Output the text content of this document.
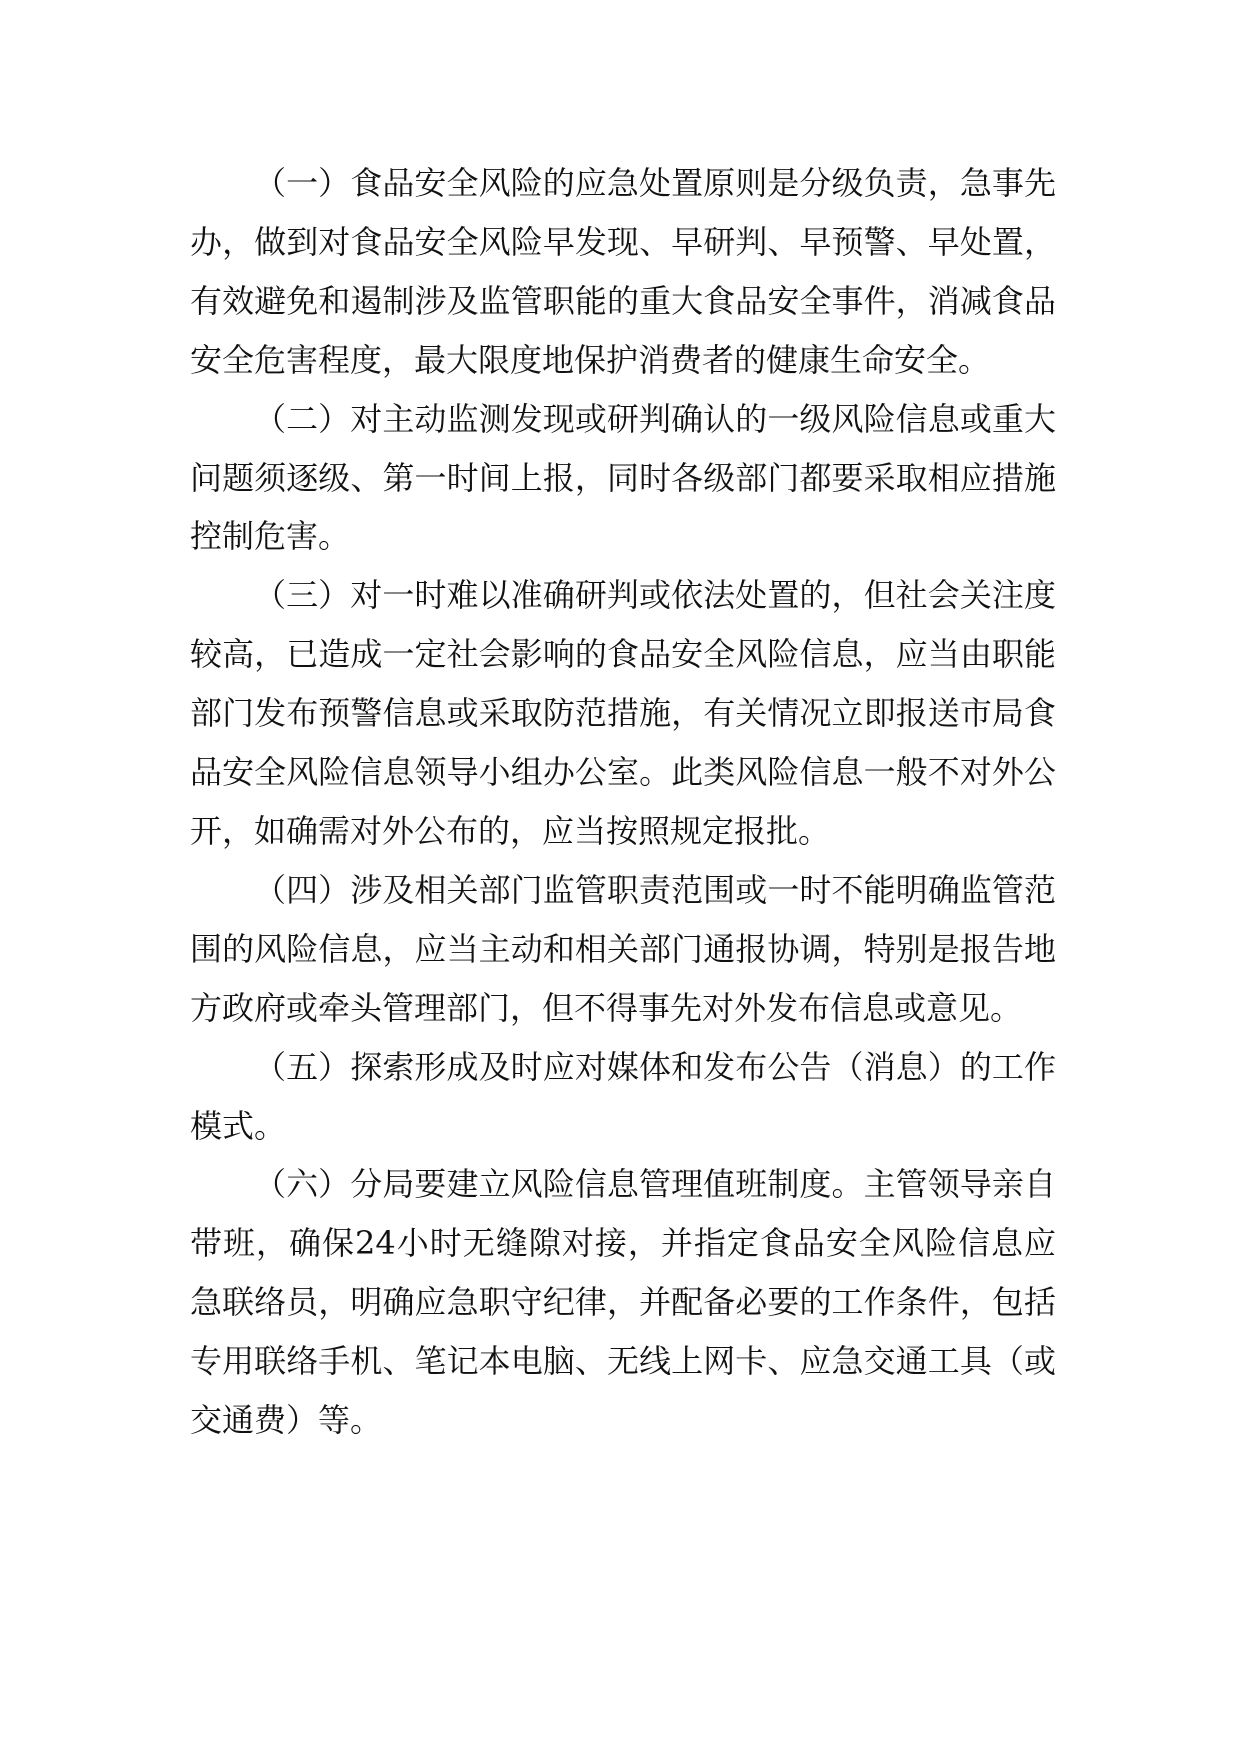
（一）食品安全风险的应急处置原则是分级负责，急事先办，做到对食品安全风险早发现、早研判、早预警、早处置，有效避免和遏制涉及监管职能的重大食品安全事件，消减食品安全危害程度，最大限度地保护消费者的健康生命安全。

（二）对主动监测发现或研判确认的一级风险信息或重大问题须逐级、第一时间上报，同时各级部门都要采取相应措施控制危害。

（三）对一时难以准确研判或依法处置的，但社会关注度较高，已造成一定社会影响的食品安全风险信息，应当由职能部门发布预警信息或采取防范措施，有关情况立即报送市局食品安全风险信息领导小组办公室。此类风险信息一般不对外公开，如确需对外公布的，应当按照规定报批。

（四）涉及相关部门监管职责范围或一时不能明确监管范围的风险信息，应当主动和相关部门通报协调，特别是报告地方政府或牵头管理部门，但不得事先对外发布信息或意见。

（五）探索形成及时应对媒体和发布公告（消息）的工作模式。

（六）分局要建立风险信息管理值班制度。主管领导亲自带班，确保24小时无缝隙对接，并指定食品安全风险信息应急联络员，明确应急职守纪律，并配备必要的工作条件，包括专用联络手机、笔记本电脑、无线上网卡、应急交通工具（或交通费）等。
